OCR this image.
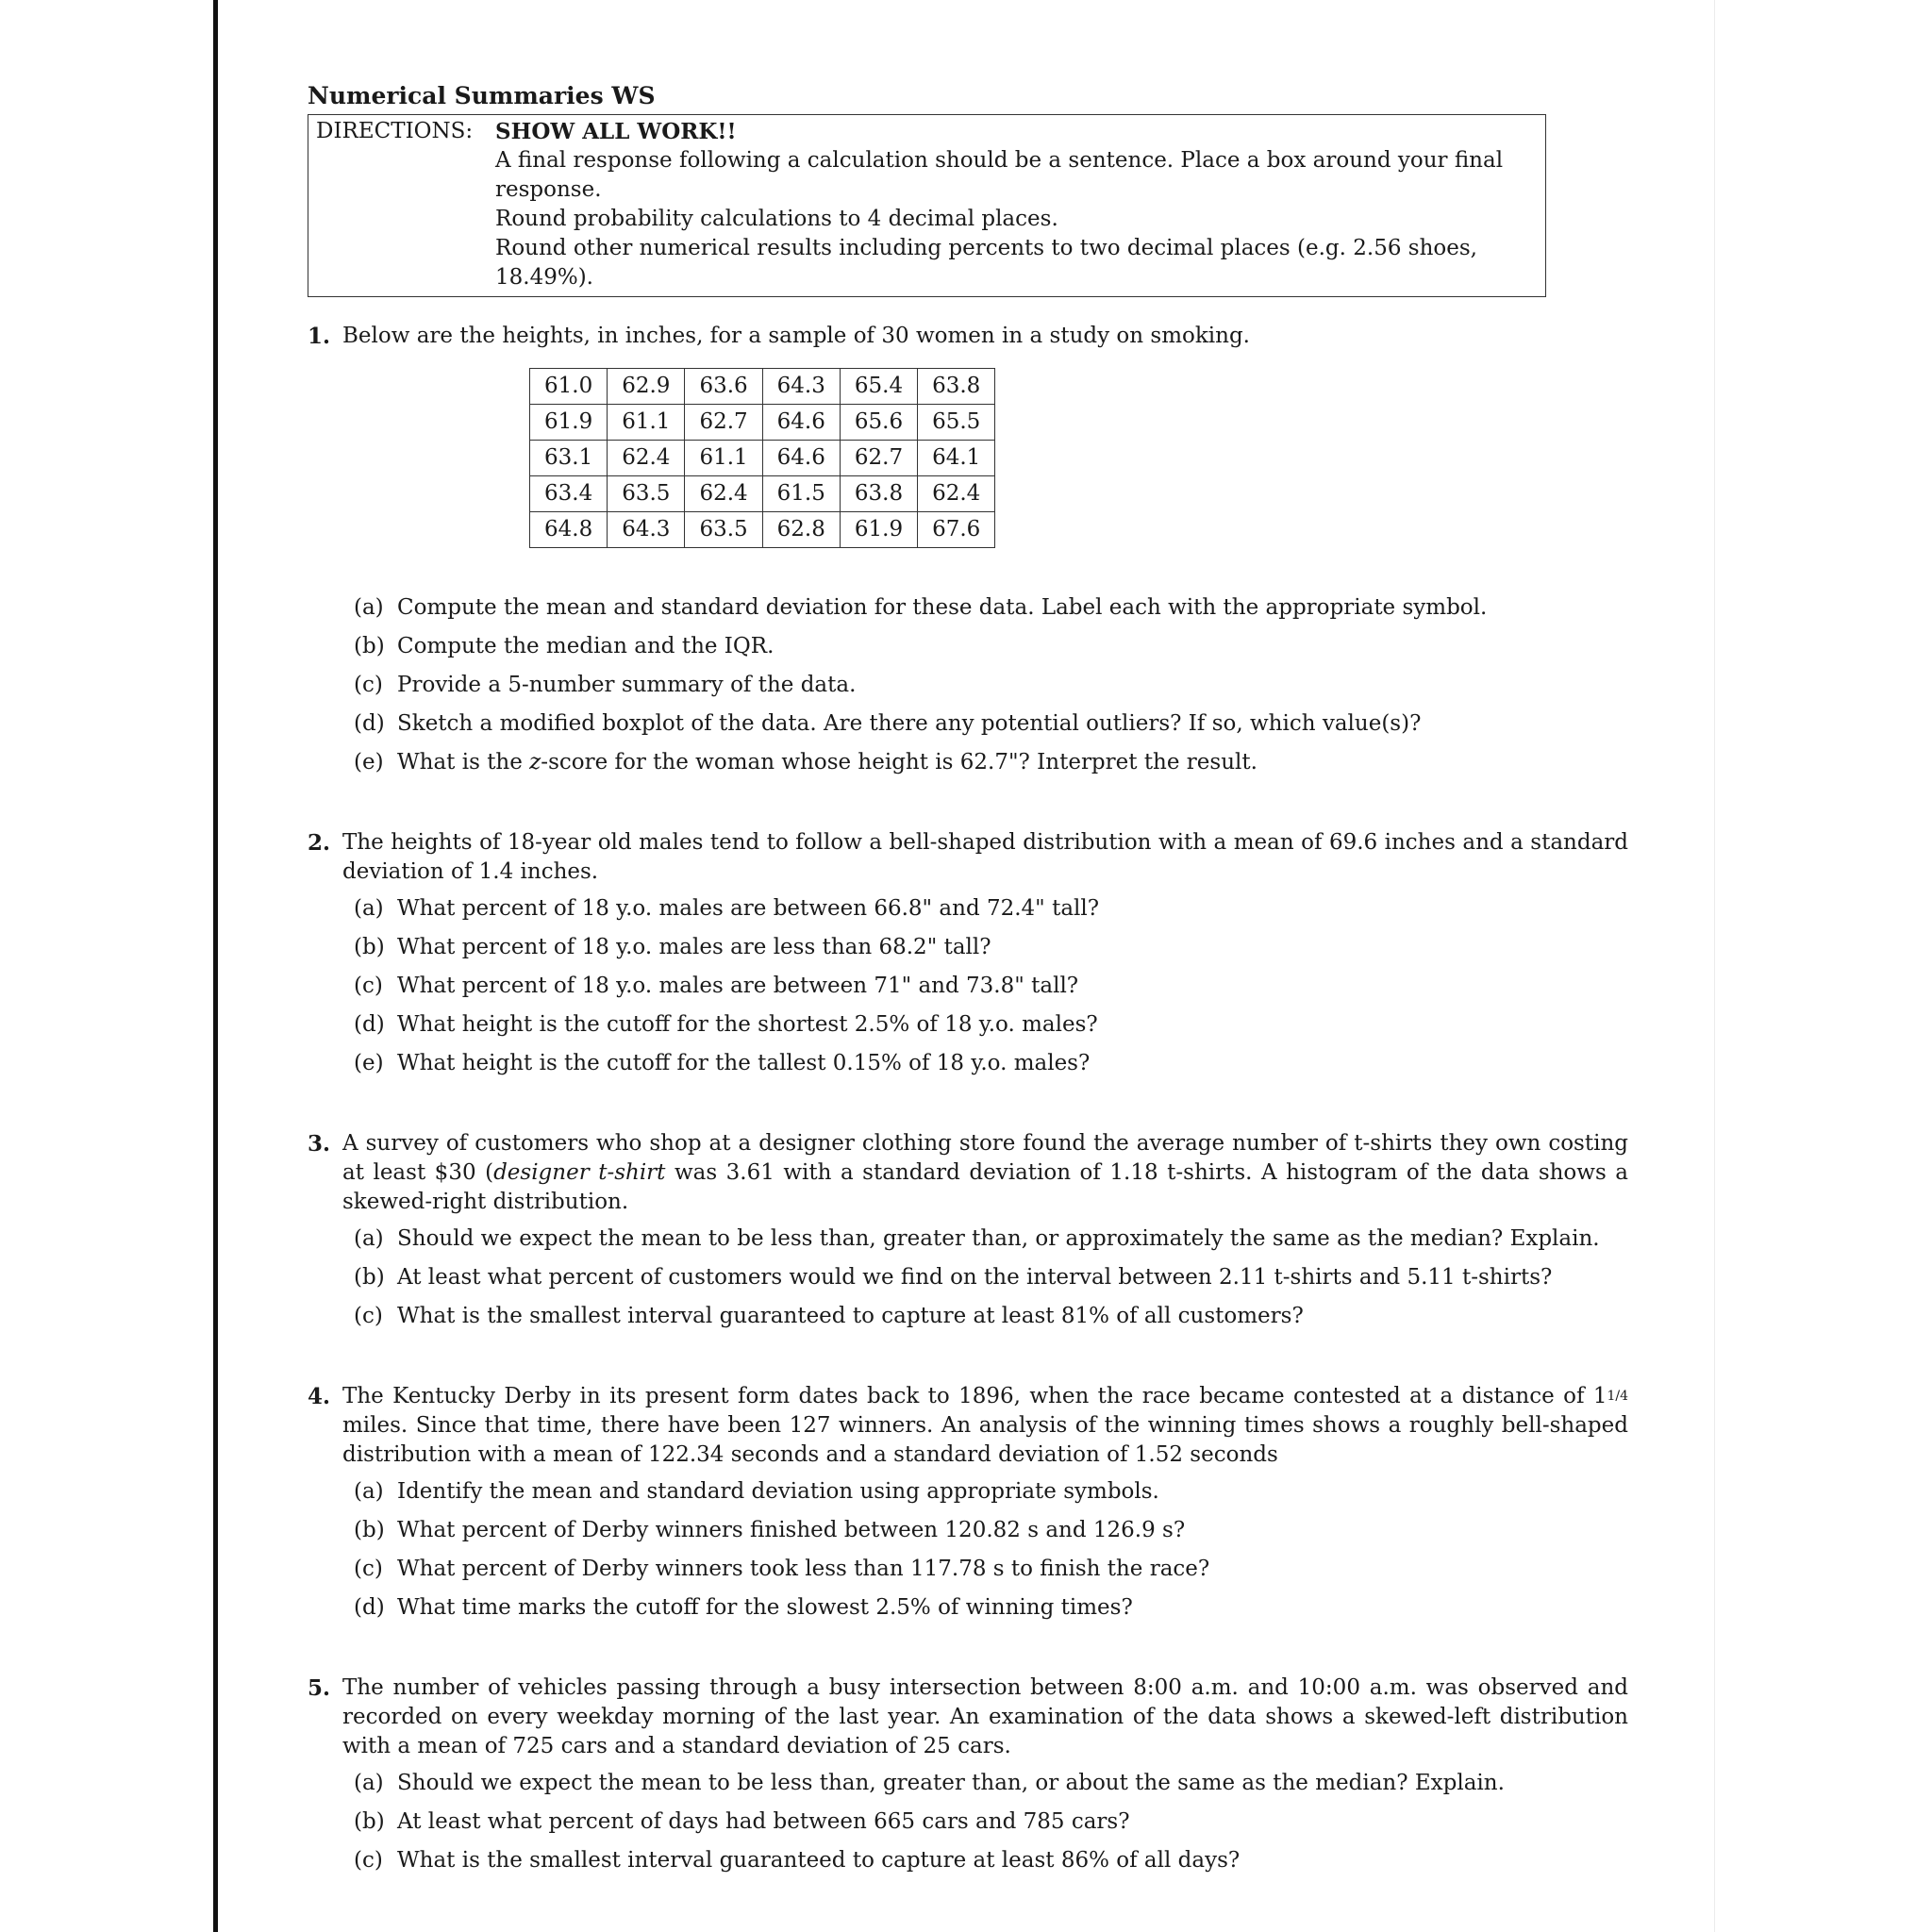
Numerical Summaries WS
DIRECTIONS:	SHOW ALL WORK!!
A final response following a calculation should be a sentence. Place a box around your final response.
Round probability calculations to 4 decimal places.
Round other numerical results including percents to two decimal places (e.g. 2.56 shoes, 18.49%).
1. Below are the heights, in inches, for a sample of 30 women in a study on smoking.
61.0	62.9	63.6	64.3	65.4	63.8
61.9	61.1	62.7	64.6	65.6	65.5
63.1	62.4	61.1	64.6	62.7	64.1
63.4	63.5	62.4	61.5	63.8	62.4
64.8	64.3	63.5	62.8	61.9	67.6
(a) Compute the mean and standard deviation for these data. Label each with the appropriate symbol.
(b) Compute the median and the IQR.
(c) Provide a 5-number summary of the data.
(d) Sketch a modified boxplot of the data. Are there any potential outliers? If so, which value(s)?
(e) What is the z-score for the woman whose height is 62.7"? Interpret the result.
2. The heights of 18-year old males tend to follow a bell-shaped distribution with a mean of 69.6 inches and a standard deviation of 1.4 inches.
(a) What percent of 18 y.o. males are between 66.8" and 72.4" tall?
(b) What percent of 18 y.o. males are less than 68.2" tall?
(c) What percent of 18 y.o. males are between 71" and 73.8" tall?
(d) What height is the cutoff for the shortest 2.5% of 18 y.o. males?
(e) What height is the cutoff for the tallest 0.15% of 18 y.o. males?
3. A survey of customers who shop at a designer clothing store found the average number of t-shirts they own costing at least $30 (designer t-shirt was 3.61 with a standard deviation of 1.18 t-shirts. A histogram of the data shows a skewed-right distribution.
(a) Should we expect the mean to be less than, greater than, or approximately the same as the median? Explain.
(b) At least what percent of customers would we find on the interval between 2.11 t-shirts and 5.11 t-shirts?
(c) What is the smallest interval guaranteed to capture at least 81% of all customers?
4. The Kentucky Derby in its present form dates back to 1896, when the race became contested at a distance of $1^{1/4}$ miles. Since that time, there have been 127 winners. An analysis of the winning times shows a roughly bell-shaped distribution with a mean of 122.34 seconds and a standard deviation of 1.52 seconds
(a) Identify the mean and standard deviation using appropriate symbols.
(b) What percent of Derby winners finished between 120.82 s and 126.9 s?
(c) What percent of Derby winners took less than 117.78 s to finish the race?
(d) What time marks the cutoff for the slowest 2.5% of winning times?
5. The number of vehicles passing through a busy intersection between 8:00 a.m. and 10:00 a.m. was observed and recorded on every weekday morning of the last year. An examination of the data shows a skewed-left distribution with a mean of 725 cars and a standard deviation of 25 cars.
(a) Should we expect the mean to be less than, greater than, or about the same as the median? Explain.
(b) At least what percent of days had between 665 cars and 785 cars?
(c) What is the smallest interval guaranteed to capture at least 86% of all days?
